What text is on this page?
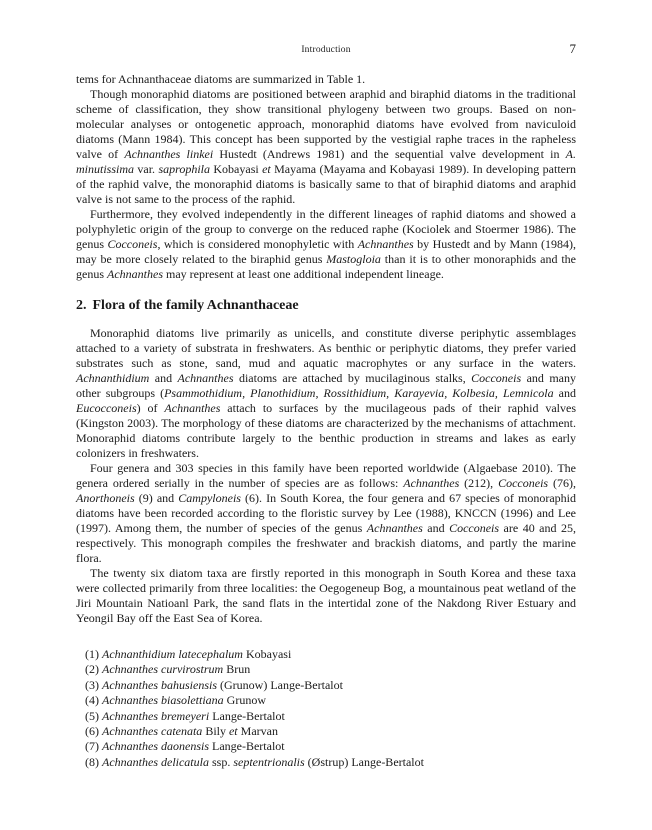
Introduction	7

tems for Achnanthaceae diatoms are summarized in Table 1.

Though monoraphid diatoms are positioned between araphid and biraphid diatoms in the traditional scheme of classification, they show transitional phylogeny between two groups. Based on non-molecular analyses or ontogenetic approach, monoraphid diatoms have evolved from naviculoid diatoms (Mann 1984). This concept has been supported by the vestigial raphe traces in the rapheless valve of Achnanthes linkei Hustedt (Andrews 1981) and the sequential valve development in A. minutissima var. saprophila Kobayasi et Mayama (Mayama and Kobayasi 1989). In developing pattern of the raphid valve, the monoraphid diatoms is basically same to that of biraphid diatoms and araphid valve is not same to the process of the raphid.

Furthermore, they evolved independently in the different lineages of raphid diatoms and showed a polyphyletic origin of the group to converge on the reduced raphe (Kociolek and Stoermer 1986). The genus Cocconeis, which is considered monophyletic with Achnanthes by Hustedt and by Mann (1984), may be more closely related to the biraphid genus Mastogloia than it is to other monoraphids and the genus Achnanthes may represent at least one additional independent lineage.

2. Flora of the family Achnanthaceae

Monoraphid diatoms live primarily as unicells, and constitute diverse periphytic assemblages attached to a variety of substrata in freshwaters. As benthic or periphytic diatoms, they prefer varied substrates such as stone, sand, mud and aquatic macrophytes or any surface in the waters. Achnanthidium and Achnanthes diatoms are attached by mucilaginous stalks, Cocconeis and many other subgroups (Psammothidium, Planothidium, Rossithidium, Karayevia, Kolbesia, Lemnicola and Eucocconeis) of Achnanthes attach to surfaces by the mucilageous pads of their raphid valves (Kingston 2003). The morphology of these diatoms are characterized by the mechanisms of attachment. Monoraphid diatoms contribute largely to the benthic production in streams and lakes as early colonizers in freshwaters.

Four genera and 303 species in this family have been reported worldwide (Algaebase 2010). The genera ordered serially in the number of species are as follows: Achnanthes (212), Cocconeis (76), Anorthoneis (9) and Campyloneis (6). In South Korea, the four genera and 67 species of monoraphid diatoms have been recorded according to the floristic survey by Lee (1988), KNCCN (1996) and Lee (1997). Among them, the number of species of the genus Achnanthes and Cocconeis are 40 and 25, respectively. This monograph compiles the freshwater and brackish diatoms, and partly the marine flora.

The twenty six diatom taxa are firstly reported in this monograph in South Korea and these taxa were collected primarily from three localities: the Oegogeneup Bog, a mountainous peat wetland of the Jiri Mountain Natioanl Park, the sand flats in the intertidal zone of the Nakdong River Estuary and Yeongil Bay off the East Sea of Korea.

(1) Achnanthidium latecephalum Kobayasi
(2) Achnanthes curvirostrum Brun
(3) Achnanthes bahusiensis (Grunow) Lange-Bertalot
(4) Achnanthes biasolettiana Grunow
(5) Achnanthes bremeyeri Lange-Bertalot
(6) Achnanthes catenata Bily et Marvan
(7) Achnanthes daonensis Lange-Bertalot
(8) Achnanthes delicatula ssp. septentrionalis (Østrup) Lange-Bertalot
